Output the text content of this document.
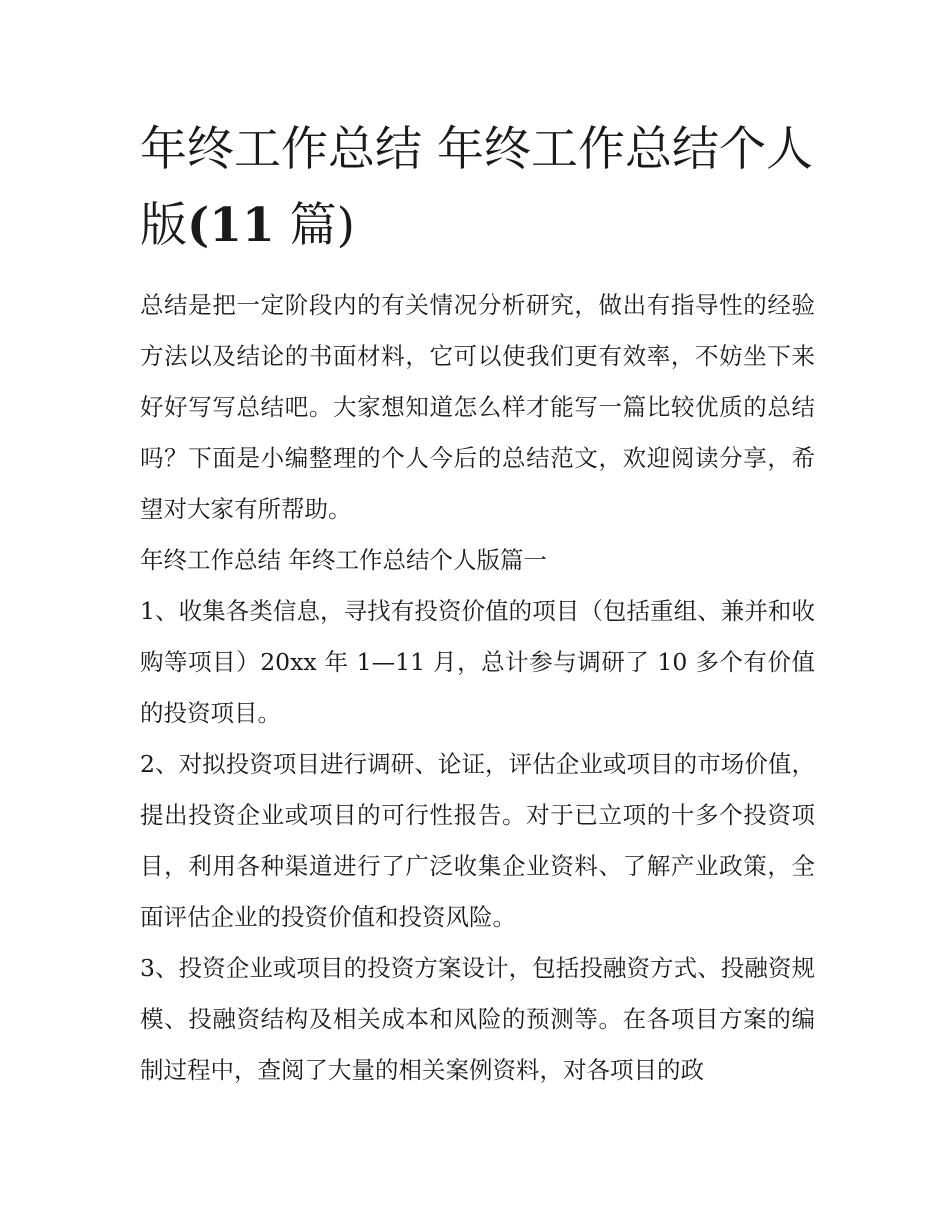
年终工作总结 年终工作总结个人版(11 篇)

总结是把一定阶段内的有关情况分析研究，做出有指导性的经验方法以及结论的书面材料，它可以使我们更有效率，不妨坐下来好好写写总结吧。大家想知道怎么样才能写一篇比较优质的总结吗？下面是小编整理的个人今后的总结范文，欢迎阅读分享，希望对大家有所帮助。

年终工作总结 年终工作总结个人版篇一

1、收集各类信息，寻找有投资价值的项目（包括重组、兼并和收购等项目）20xx 年 1—11 月，总计参与调研了 10 多个有价值的投资项目。

2、对拟投资项目进行调研、论证，评估企业或项目的市场价值，提出投资企业或项目的可行性报告。对于已立项的十多个投资项目，利用各种渠道进行了广泛收集企业资料、了解产业政策，全面评估企业的投资价值和投资风险。

3、投资企业或项目的投资方案设计，包括投融资方式、投融资规模、投融资结构及相关成本和风险的预测等。在各项目方案的编制过程中，查阅了大量的相关案例资料，对各项目的政
